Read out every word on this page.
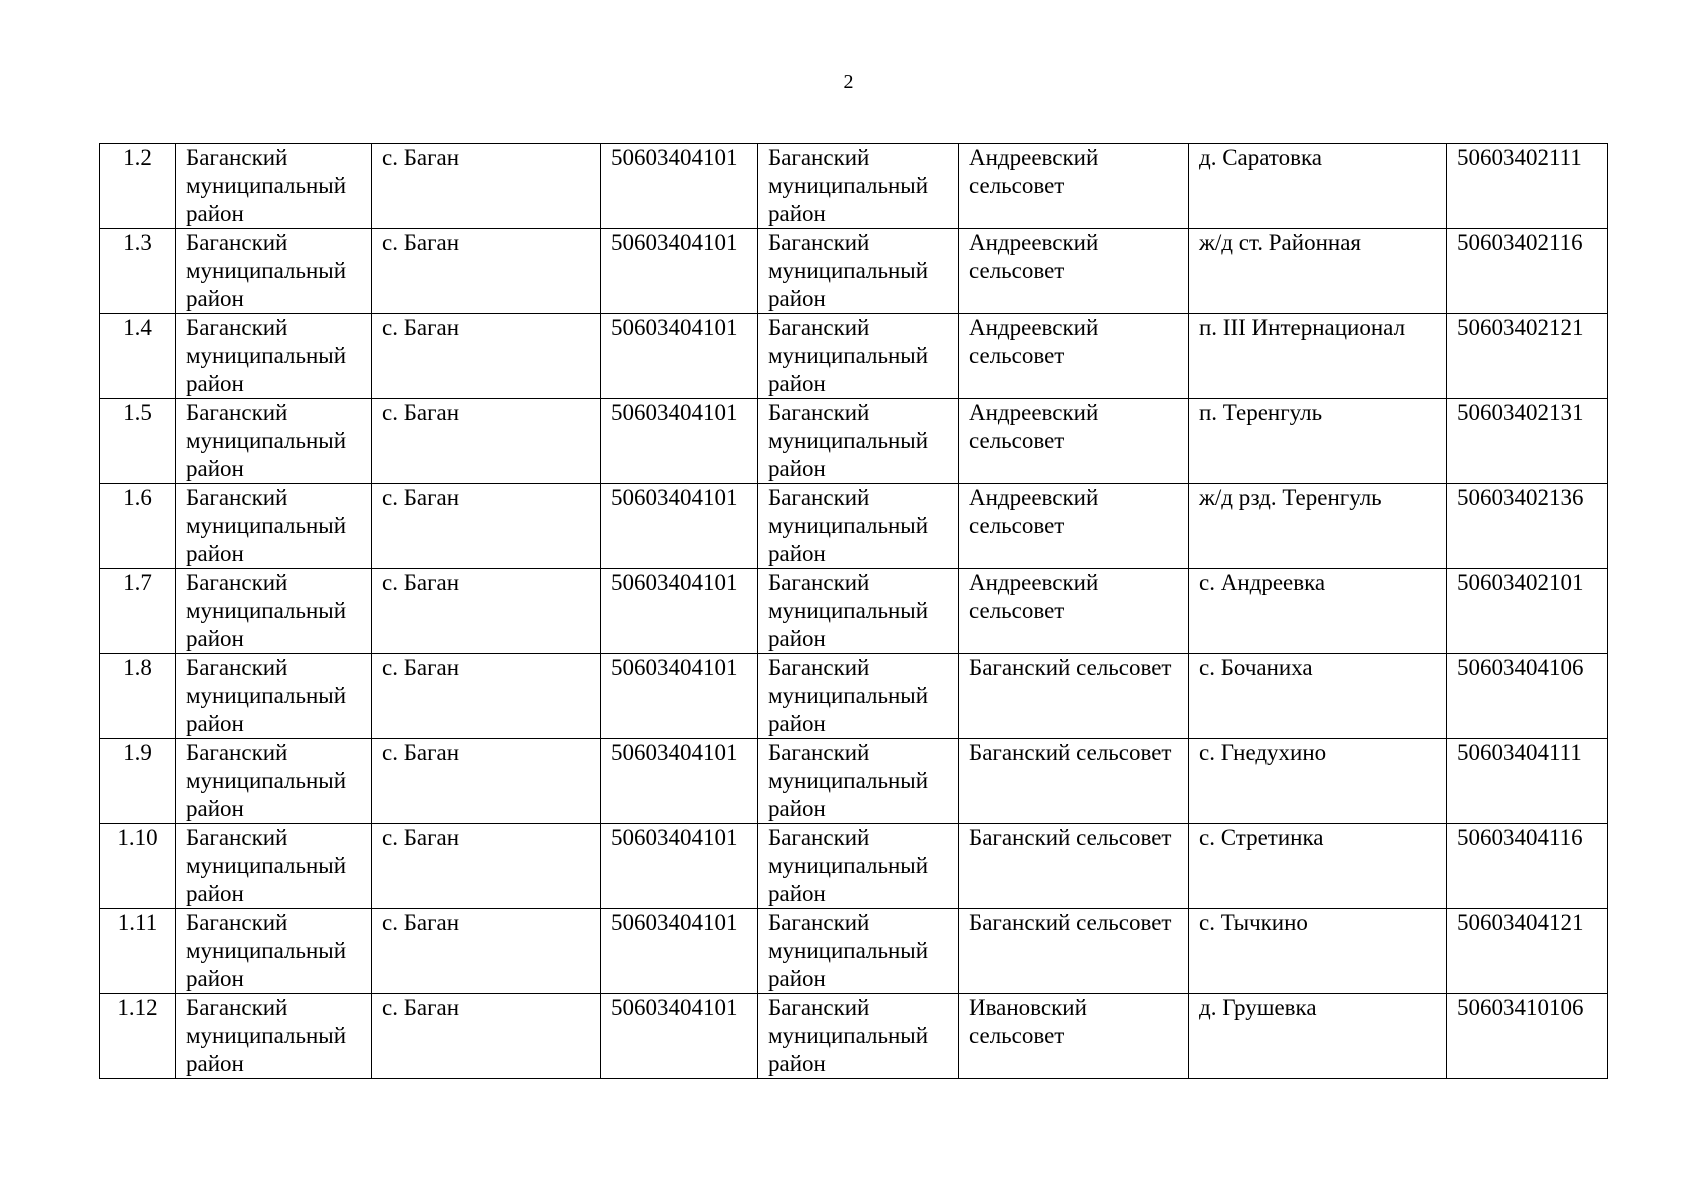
2
1.2	Баганский муниципальный район	с. Баган	50603404101	Баганский муниципальный район	Андреевский сельсовет	д. Саратовка	50603402111
1.3	Баганский муниципальный район	с. Баган	50603404101	Баганский муниципальный район	Андреевский сельсовет	ж/д ст. Районная	50603402116
1.4	Баганский муниципальный район	с. Баган	50603404101	Баганский муниципальный район	Андреевский сельсовет	п. III Интернационал	50603402121
1.5	Баганский муниципальный район	с. Баган	50603404101	Баганский муниципальный район	Андреевский сельсовет	п. Теренгуль	50603402131
1.6	Баганский муниципальный район	с. Баган	50603404101	Баганский муниципальный район	Андреевский сельсовет	ж/д рзд. Теренгуль	50603402136
1.7	Баганский муниципальный район	с. Баган	50603404101	Баганский муниципальный район	Андреевский сельсовет	с. Андреевка	50603402101
1.8	Баганский муниципальный район	с. Баган	50603404101	Баганский муниципальный район	Баганский сельсовет	с. Бочаниха	50603404106
1.9	Баганский муниципальный район	с. Баган	50603404101	Баганский муниципальный район	Баганский сельсовет	с. Гнедухино	50603404111
1.10	Баганский муниципальный район	с. Баган	50603404101	Баганский муниципальный район	Баганский сельсовет	с. Стретинка	50603404116
1.11	Баганский муниципальный район	с. Баган	50603404101	Баганский муниципальный район	Баганский сельсовет	с. Тычкино	50603404121
1.12	Баганский муниципальный район	с. Баган	50603404101	Баганский муниципальный район	Ивановский сельсовет	д. Грушевка	50603410106
